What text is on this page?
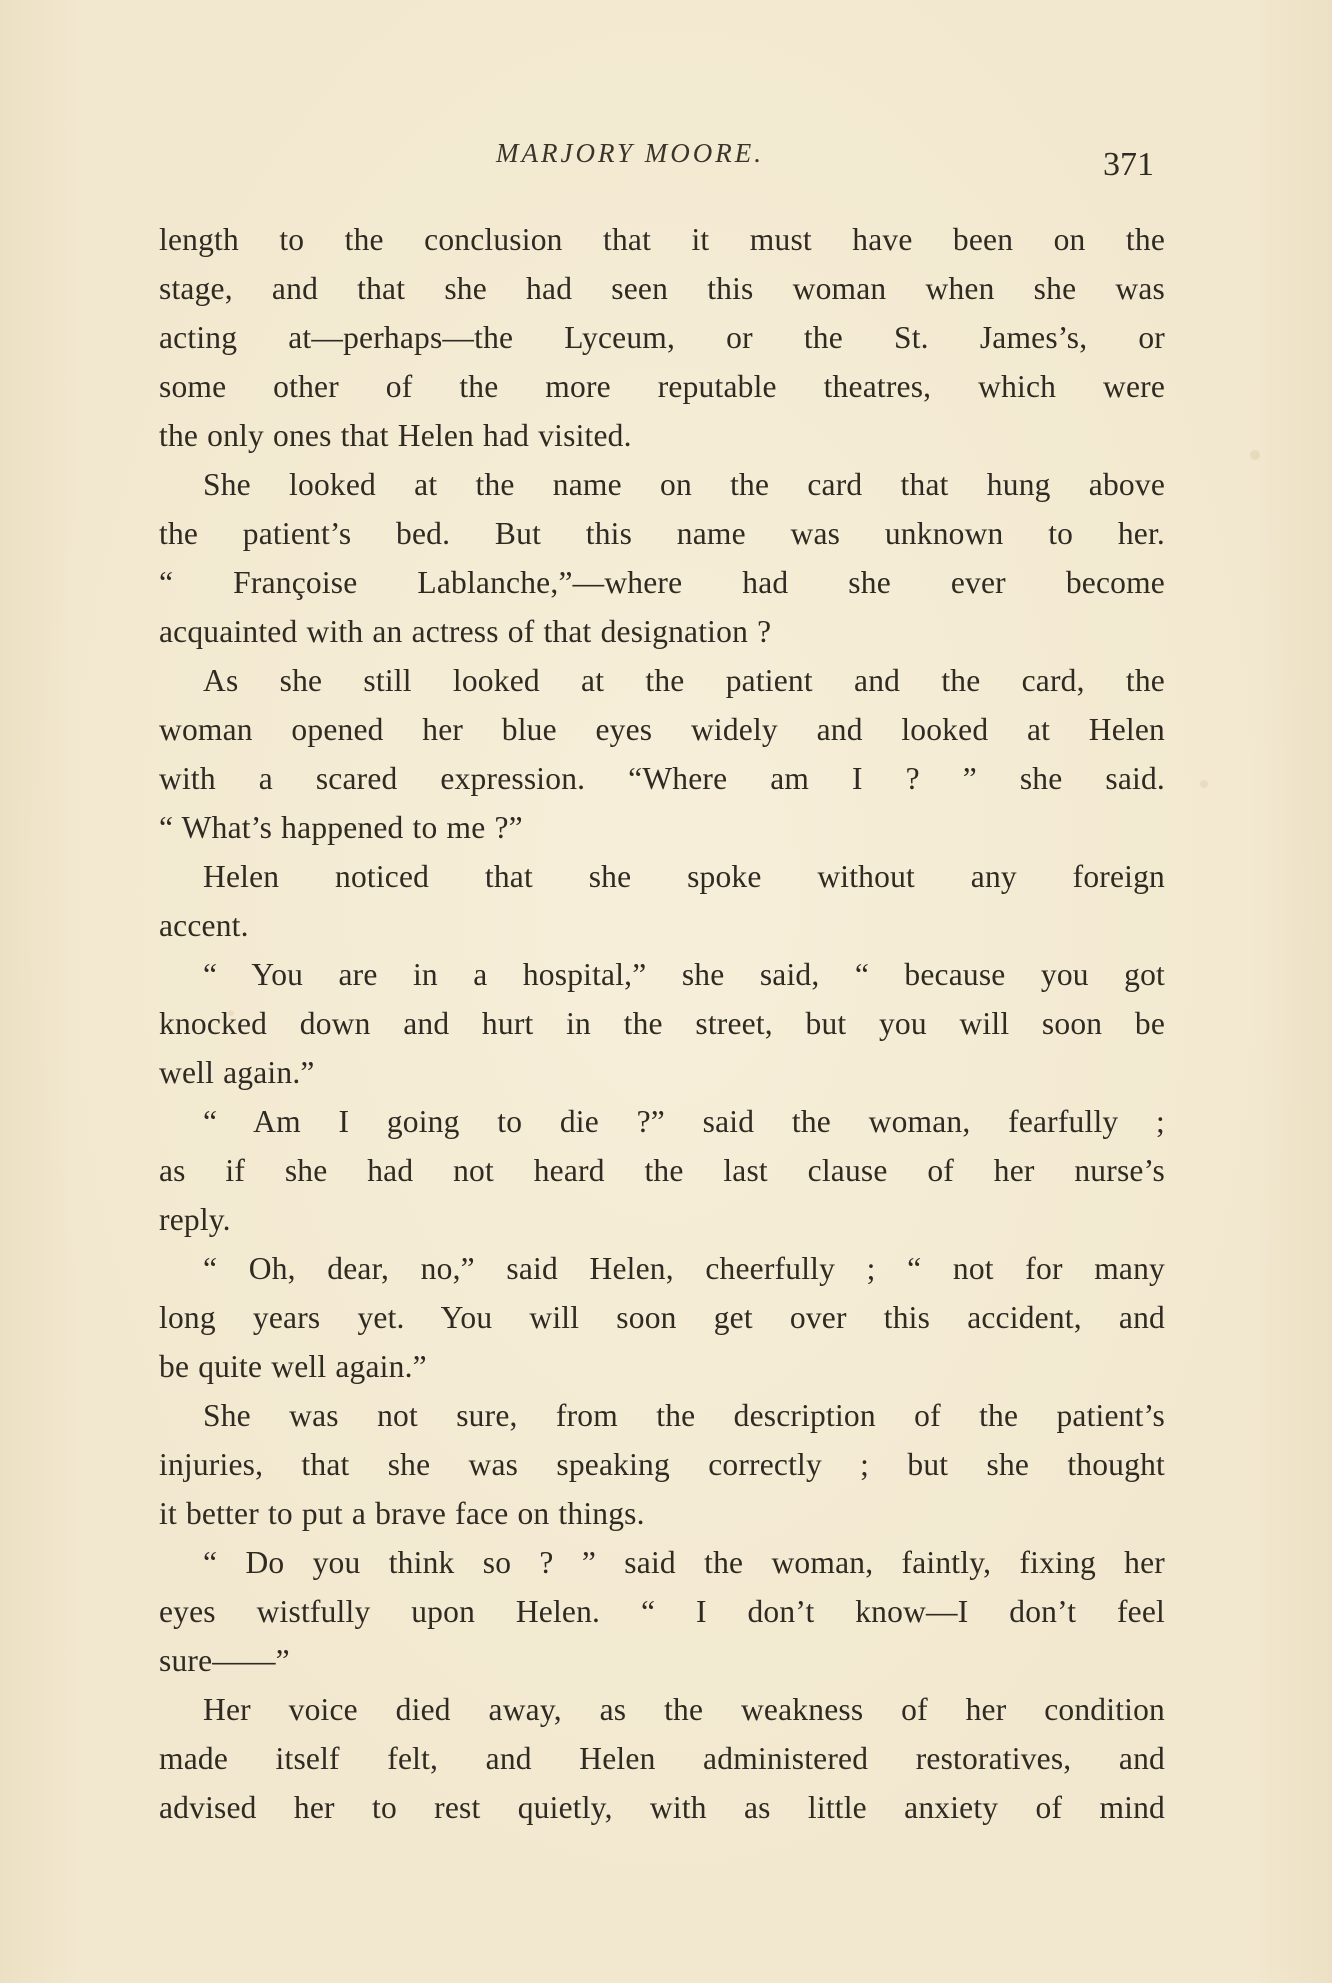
MARJORY MOORE.	371
length to the conclusion that it must have been on the
stage, and that she had seen this woman when she was
acting at—perhaps—the Lyceum, or the St. James’s, or
some other of the more reputable theatres, which were
the only ones that Helen had visited.
She looked at the name on the card that hung above
the patient’s bed. But this name was unknown to her.
“ Françoise Lablanche,”—where had she ever become
acquainted with an actress of that designation ?
As she still looked at the patient and the card, the
woman opened her blue eyes widely and looked at Helen
with a scared expression. “Where am I ? ” she said.
“ What’s happened to me ?”
Helen noticed that she spoke without any foreign
accent.
“ You are in a hospital,” she said, “ because you got
knocked down and hurt in the street, but you will soon be
well again.”
“ Am I going to die ?” said the woman, fearfully ;
as if she had not heard the last clause of her nurse’s
reply.
“ Oh, dear, no,” said Helen, cheerfully ; “ not for many
long years yet. You will soon get over this accident, and
be quite well again.”
She was not sure, from the description of the patient’s
injuries, that she was speaking correctly ; but she thought
it better to put a brave face on things.
“ Do you think so ? ” said the woman, faintly, fixing her
eyes wistfully upon Helen. “ I don’t know—I don’t feel
sure——”
Her voice died away, as the weakness of her condition
made itself felt, and Helen administered restoratives, and
advised her to rest quietly, with as little anxiety of mind
